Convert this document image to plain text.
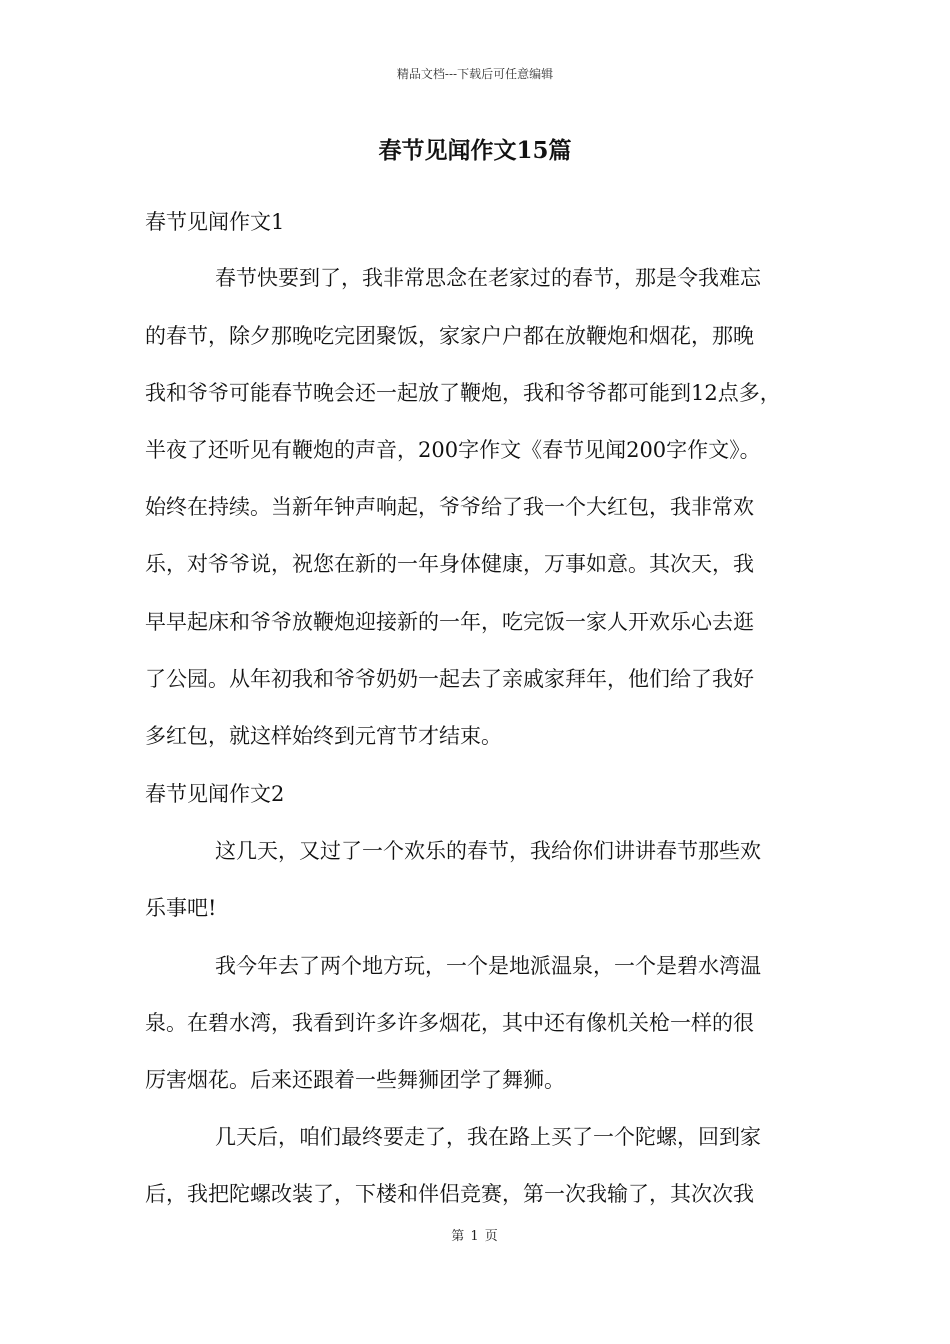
精品文档---下载后可任意编辑
春节见闻作文15篇
春节见闻作文1
春节快要到了，我非常思念在老家过的春节，那是令我难忘
的春节，除夕那晚吃完团聚饭，家家户户都在放鞭炮和烟花，那晚
我和爷爷可能春节晚会还一起放了鞭炮，我和爷爷都可能到12点多，
半夜了还听见有鞭炮的声音，200字作文《春节见闻200字作文》。
始终在持续。当新年钟声响起，爷爷给了我一个大红包，我非常欢
乐，对爷爷说，祝您在新的一年身体健康，万事如意。其次天，我
早早起床和爷爷放鞭炮迎接新的一年，吃完饭一家人开欢乐心去逛
了公园。从年初我和爷爷奶奶一起去了亲戚家拜年，他们给了我好
多红包，就这样始终到元宵节才结束。
春节见闻作文2
这几天，又过了一个欢乐的春节，我给你们讲讲春节那些欢
乐事吧!
我今年去了两个地方玩，一个是地派温泉，一个是碧水湾温
泉。在碧水湾，我看到许多许多烟花，其中还有像机关枪一样的很
厉害烟花。后来还跟着一些舞狮团学了舞狮。
几天后，咱们最终要走了，我在路上买了一个陀螺，回到家
后，我把陀螺改装了，下楼和伴侣竞赛，第一次我输了，其次次我
第 1 页
